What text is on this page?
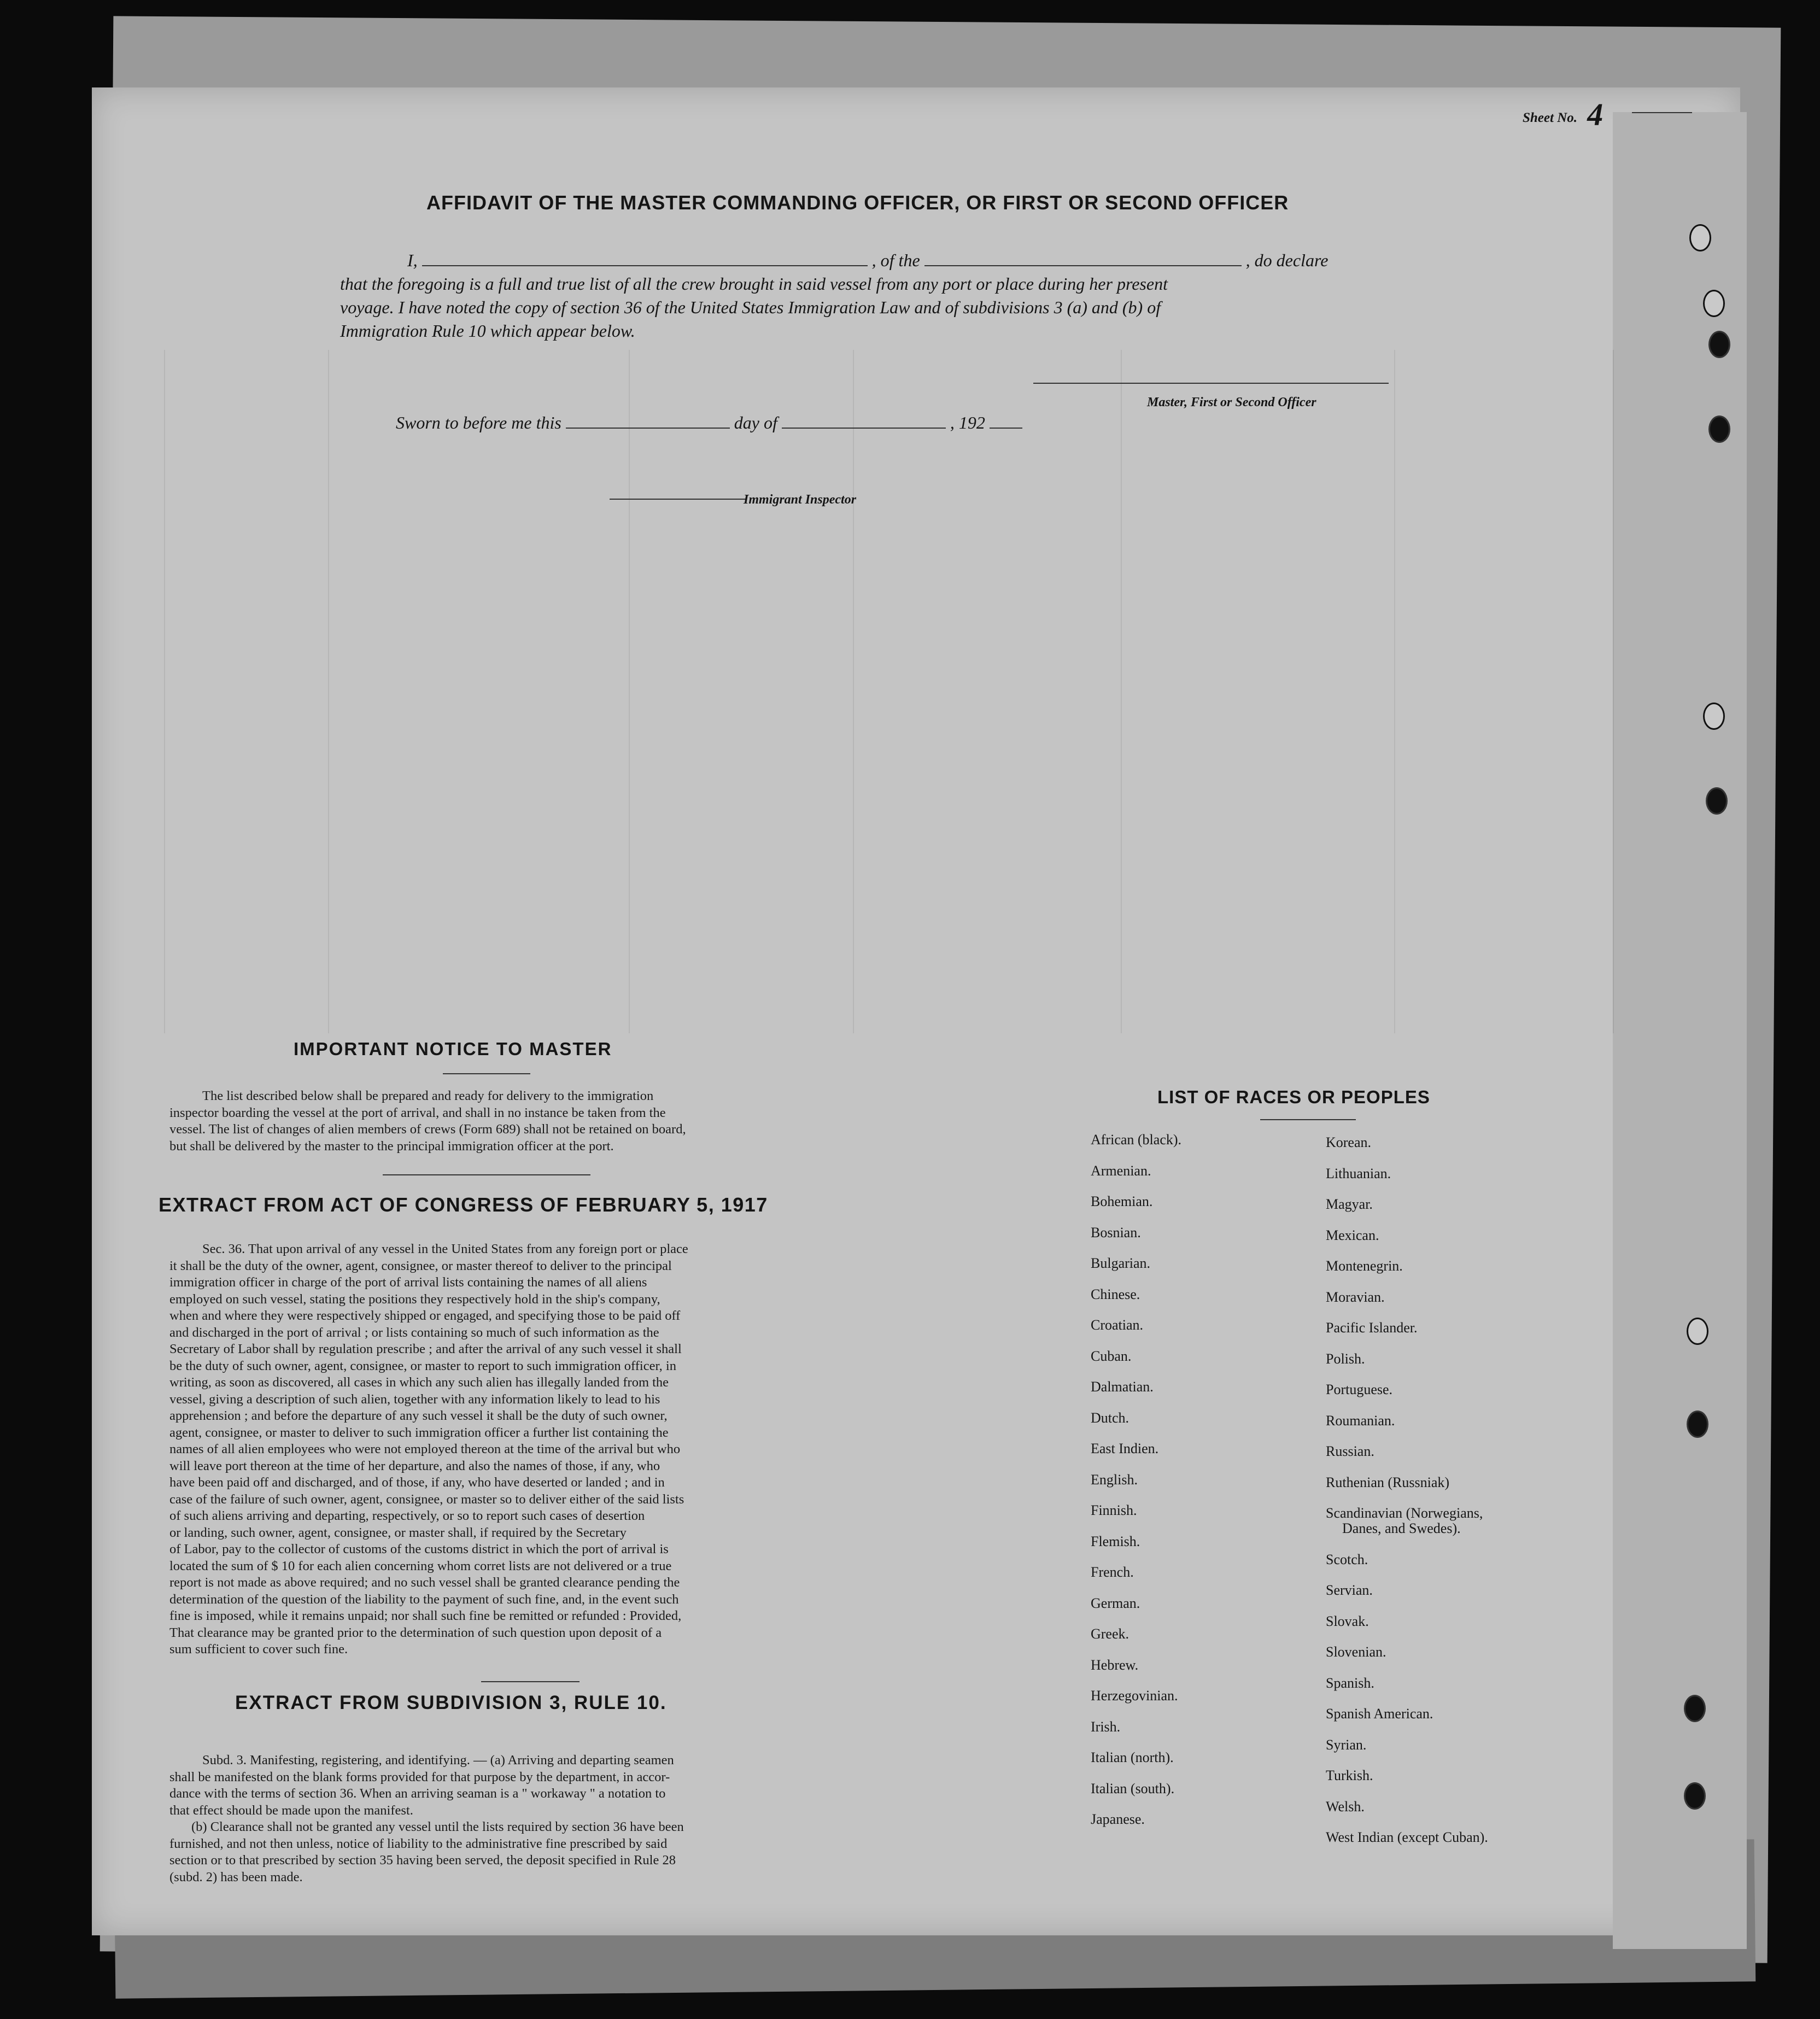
Sheet No. 4
AFFIDAVIT OF THE MASTER COMMANDING OFFICER, OR FIRST OR SECOND OFFICER
I,	, of the	, do declare
that the foregoing is a full and true list of all the crew brought in said vessel from any port or place during her present
voyage. I have noted the copy of section 36 of the United States Immigration Law and of subdivisions 3 (a) and (b) of
Immigration Rule 10 which appear below.
Master, First or Second Officer
Sworn to before me this	day of	, 192
Immigrant Inspector
IMPORTANT NOTICE TO MASTER
The list described below shall be prepared and ready for delivery to the immigration
inspector boarding the vessel at the port of arrival, and shall in no instance be taken from the
vessel. The list of changes of alien members of crews (Form 689) shall not be retained on board,
but shall be delivered by the master to the principal immigration officer at the port.
EXTRACT FROM ACT OF CONGRESS OF FEBRUARY 5, 1917
Sec. 36. That upon arrival of any vessel in the United States from any foreign port or place
it shall be the duty of the owner, agent, consignee, or master thereof to deliver to the principal
immigration officer in charge of the port of arrival lists containing the names of all aliens
employed on such vessel, stating the positions they respectively hold in the ship's company,
when and where they were respectively shipped or engaged, and specifying those to be paid off
and discharged in the port of arrival ; or lists containing so much of such information as the
Secretary of Labor shall by regulation prescribe ; and after the arrival of any such vessel it shall
be the duty of such owner, agent, consignee, or master to report to such immigration officer, in
writing, as soon as discovered, all cases in which any such alien has illegally landed from the
vessel, giving a description of such alien, together with any information likely to lead to his
apprehension ; and before the departure of any such vessel it shall be the duty of such owner,
agent, consignee, or master to deliver to such immigration officer a further list containing the
names of all alien employees who were not employed thereon at the time of the arrival but who
will leave port thereon at the time of her departure, and also the names of those, if any, who
have been paid off and discharged, and of those, if any, who have deserted or landed ; and in
case of the failure of such owner, agent, consignee, or master so to deliver either of the said lists
of such aliens arriving and departing, respectively, or so to report such cases of desertion
or landing, such owner, agent, consignee, or master shall, if required by the Secretary
of Labor, pay to the collector of customs of the customs district in which the port of arrival is
located the sum of $ 10 for each alien concerning whom corret lists are not delivered or a true
report is not made as above required; and no such vessel shall be granted clearance pending the
determination of the question of the liability to the payment of such fine, and, in the event such
fine is imposed, while it remains unpaid; nor shall such fine be remitted or refunded : Provided,
That clearance may be granted prior to the determination of such question upon deposit of a
sum sufficient to cover such fine.
EXTRACT FROM SUBDIVISION 3, RULE 10.
Subd. 3. Manifesting, registering, and identifying. — (a) Arriving and departing seamen
shall be manifested on the blank forms provided for that purpose by the department, in accor-
dance with the terms of section 36. When an arriving seaman is a " workaway " a notation to
that effect should be made upon the manifest.
(b) Clearance shall not be granted any vessel until the lists required by section 36 have been
furnished, and not then unless, notice of liability to the administrative fine prescribed by said
section or to that prescribed by section 35 having been served, the deposit specified in Rule 28
(subd. 2) has been made.
LIST OF RACES OR PEOPLES
African (black).
Armenian.
Bohemian.
Bosnian.
Bulgarian.
Chinese.
Croatian.
Cuban.
Dalmatian.
Dutch.
East Indien.
English.
Finnish.
Flemish.
French.
German.
Greek.
Hebrew.
Herzegovinian.
Irish.
Italian (north).
Italian (south).
Japanese.
Korean.
Lithuanian.
Magyar.
Mexican.
Montenegrin.
Moravian.
Pacific Islander.
Polish.
Portuguese.
Roumanian.
Russian.
Ruthenian (Russniak)
Scandinavian (Norwegians,
Danes, and Swedes).
Scotch.
Servian.
Slovak.
Slovenian.
Spanish.
Spanish American.
Syrian.
Turkish.
Welsh.
West Indian (except Cuban).
